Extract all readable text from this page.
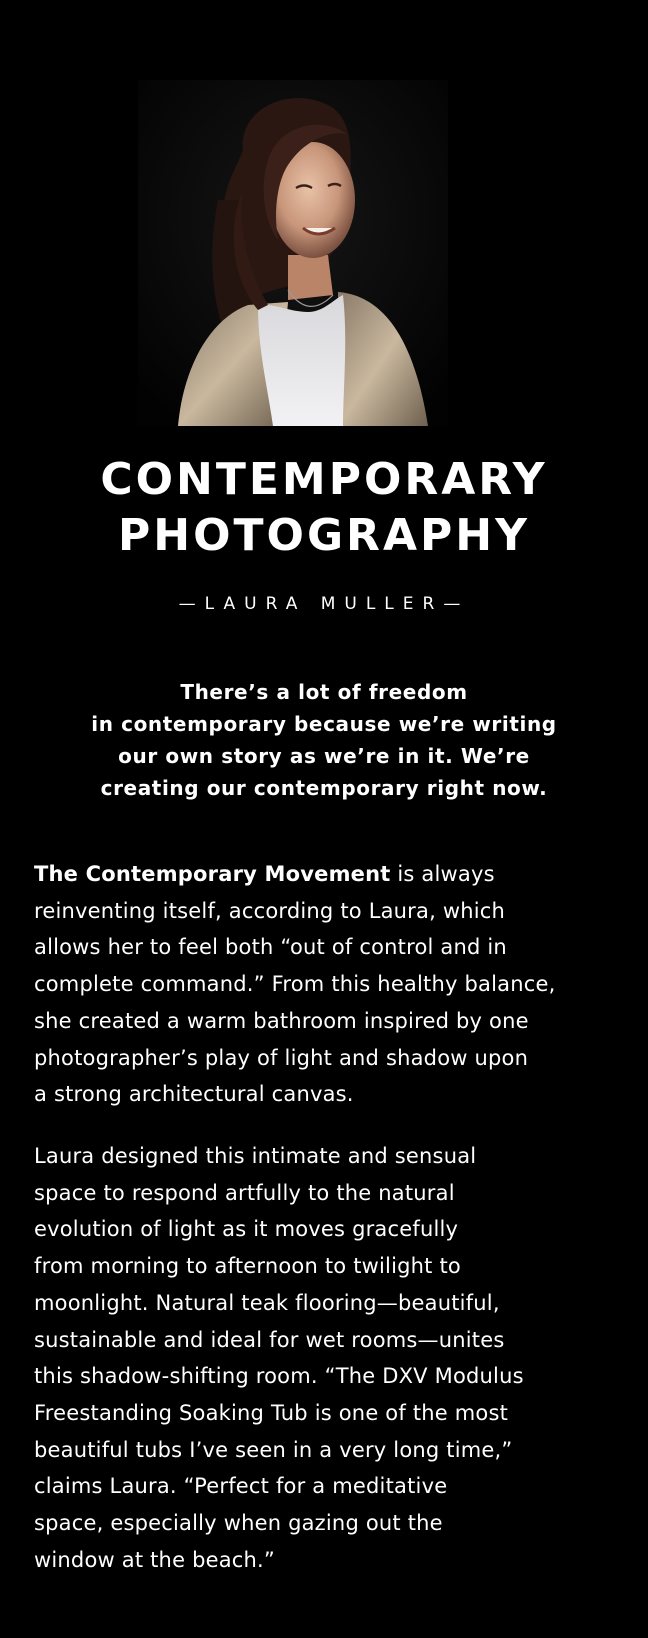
CONTEMPORARY
PHOTOGRAPHY
—LAURA MULLER—

There’s a lot of freedom
in contemporary because we’re writing
our own story as we’re in it. We’re
creating our contemporary right now.

The Contemporary Movement is always
reinventing itself, according to Laura, which
allows her to feel both “out of control and in
complete command.” From this healthy balance,
she created a warm bathroom inspired by one
photographer’s play of light and shadow upon
a strong architectural canvas.

Laura designed this intimate and sensual
space to respond artfully to the natural
evolution of light as it moves gracefully
from morning to afternoon to twilight to
moonlight. Natural teak flooring—beautiful,
sustainable and ideal for wet rooms—unites
this shadow-shifting room. “The DXV Modulus
Freestanding Soaking Tub is one of the most
beautiful tubs I’ve seen in a very long time,”
claims Laura. “Perfect for a meditative
space, especially when gazing out the
window at the beach.”
